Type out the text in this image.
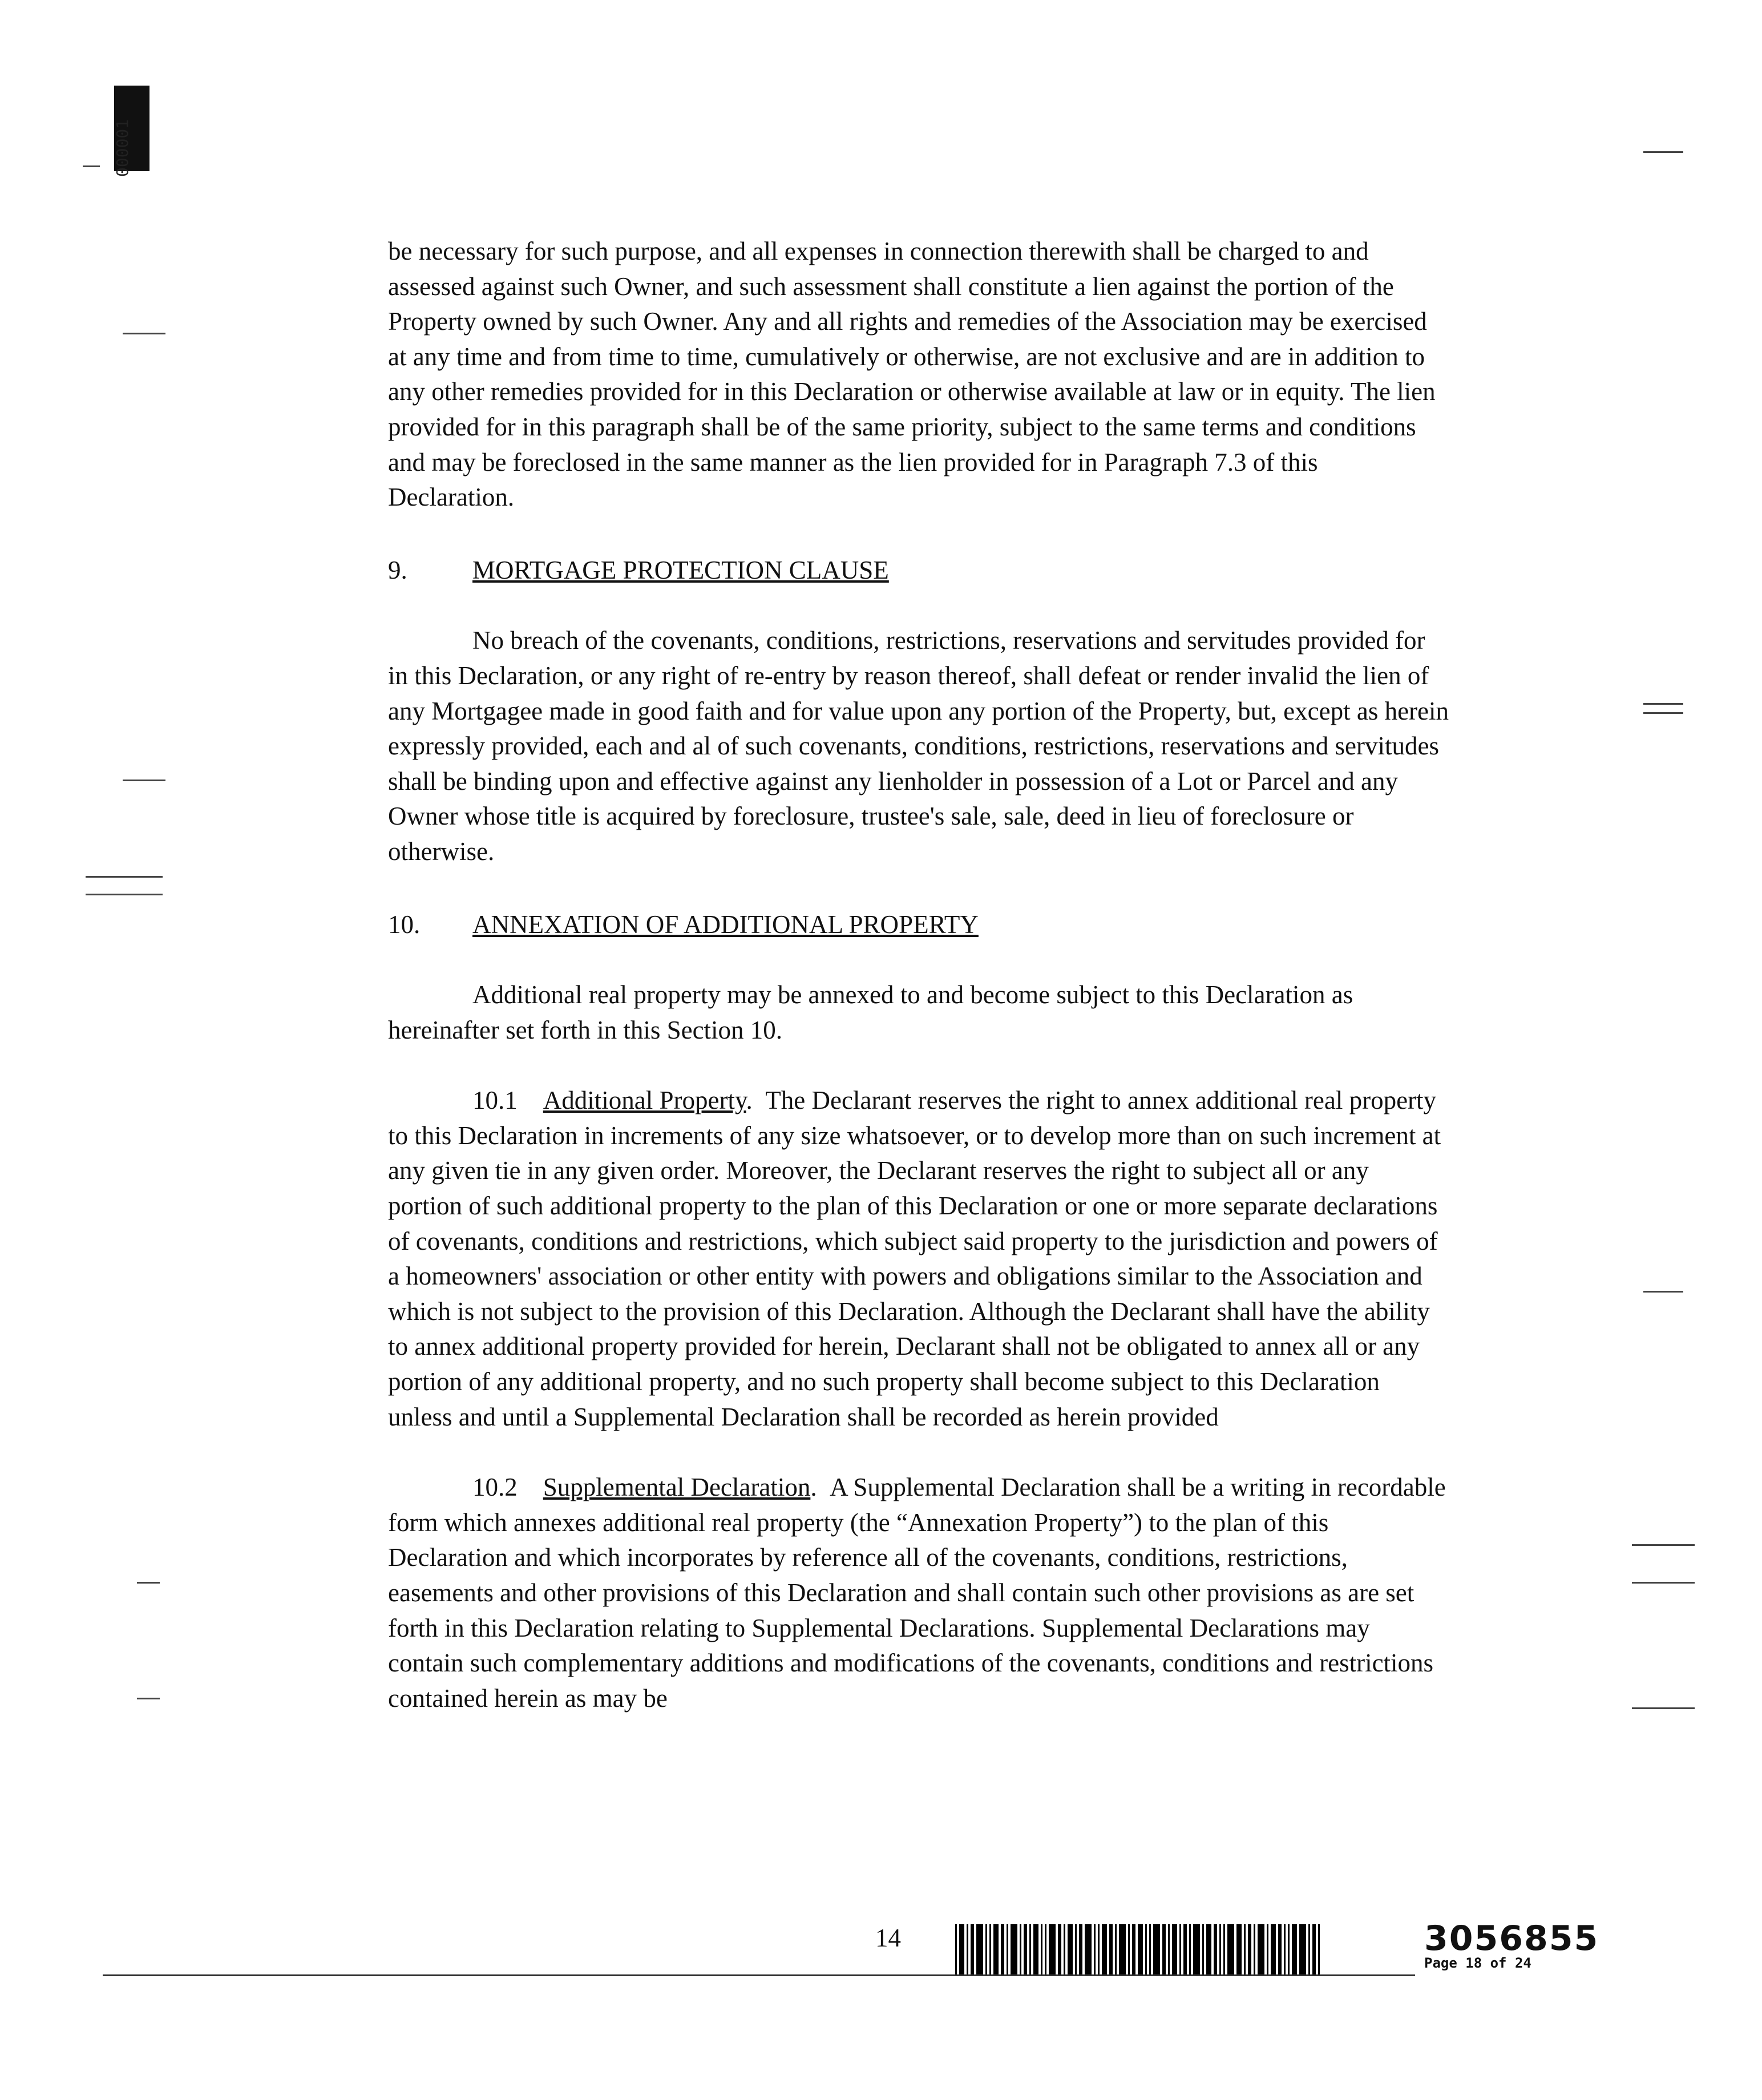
000001

be necessary for such purpose, and all expenses in connection therewith shall be charged to and assessed against such Owner, and such assessment shall constitute a lien against the portion of the Property owned by such Owner. Any and all rights and remedies of the Association may be exercised at any time and from time to time, cumulatively or otherwise, are not exclusive and are in addition to any other remedies provided for in this Declaration or otherwise available at law or in equity. The lien provided for in this paragraph shall be of the same priority, subject to the same terms and conditions and may be foreclosed in the same manner as the lien provided for in Paragraph 7.3 of this Declaration.

9.	MORTGAGE PROTECTION CLAUSE

No breach of the covenants, conditions, restrictions, reservations and servitudes provided for in this Declaration, or any right of re-entry by reason thereof, shall defeat or render invalid the lien of any Mortgagee made in good faith and for value upon any portion of the Property, but, except as herein expressly provided, each and al of such covenants, conditions, restrictions, reservations and servitudes shall be binding upon and effective against any lienholder in possession of a Lot or Parcel and any Owner whose title is acquired by foreclosure, trustee's sale, sale, deed in lieu of foreclosure or otherwise.

10. ANNEXATION OF ADDITIONAL PROPERTY

Additional real property may be annexed to and become subject to this Declaration as hereinafter set forth in this Section 10.

10.1 Additional Property.  The Declarant reserves the right to annex additional real property to this Declaration in increments of any size whatsoever, or to develop more than on such increment at any given tie in any given order. Moreover, the Declarant reserves the right to subject all or any portion of such additional property to the plan of this Declaration or one or more separate declarations of covenants, conditions and restrictions, which subject said property to the jurisdiction and powers of a homeowners' association or other entity with powers and obligations similar to the Association and which is not subject to the provision of this Declaration. Although the Declarant shall have the ability to annex additional property provided for herein, Declarant shall not be obligated to annex all or any portion of any additional property, and no such property shall become subject to this Declaration unless and until a Supplemental Declaration shall be recorded as herein provided

10.2 Supplemental Declaration.  A Supplemental Declaration shall be a writing in recordable form which annexes additional real property (the “Annexation Property”) to the plan of this Declaration and which incorporates by reference all of the covenants, conditions, restrictions, easements and other provisions of this Declaration and shall contain such other provisions as are set forth in this Declaration relating to Supplemental Declarations. Supplemental Declarations may contain such complementary additions and modifications of the covenants, conditions and restrictions contained herein as may be

14	3056855
Page 18 of 24
